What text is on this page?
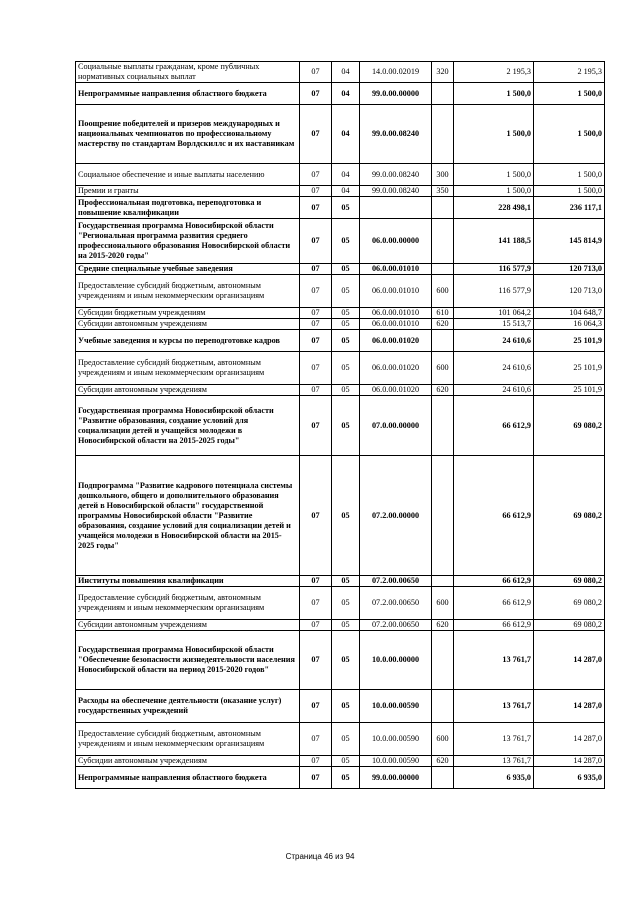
Социальные выплаты гражданам, кроме публичных нормативных социальных выплат	07	04	14.0.00.02019	320	2 195,3	2 195,3
Непрограммные направления областного бюджета	07	04	99.0.00.00000		1 500,0	1 500,0
Поощрение победителей и призеров международных и национальных чемпионатов по профессиональному мастерству по стандартам Ворлдскиллс и их наставникам	07	04	99.0.00.08240		1 500,0	1 500,0
Социальное обеспечение и иные выплаты населению	07	04	99.0.00.08240	300	1 500,0	1 500,0
Премии и гранты	07	04	99.0.00.08240	350	1 500,0	1 500,0
Профессиональная подготовка, переподготовка и повышение квалификации	07	05			228 498,1	236 117,1
Государственная программа Новосибирской области "Региональная программа развития среднего профессионального образования Новосибирской области на 2015-2020 годы"	07	05	06.0.00.00000		141 188,5	145 814,9
Средние специальные учебные заведения	07	05	06.0.00.01010		116 577,9	120 713,0
Предоставление субсидий бюджетным, автономным учреждениям и иным некоммерческим организациям	07	05	06.0.00.01010	600	116 577,9	120 713,0
Субсидии бюджетным учреждениям	07	05	06.0.00.01010	610	101 064,2	104 648,7
Субсидии автономным учреждениям	07	05	06.0.00.01010	620	15 513,7	16 064,3
Учебные заведения и курсы по переподготовке кадров	07	05	06.0.00.01020		24 610,6	25 101,9
Предоставление субсидий бюджетным, автономным учреждениям и иным некоммерческим организациям	07	05	06.0.00.01020	600	24 610,6	25 101,9
Субсидии автономным учреждениям	07	05	06.0.00.01020	620	24 610,6	25 101,9
Государственная программа Новосибирской области "Развитие образования, создание условий для социализации детей и учащейся молодежи в Новосибирской области на 2015-2025 годы"	07	05	07.0.00.00000		66 612,9	69 080,2
Подпрограмма "Развитие кадрового потенциала системы дошкольного, общего и дополнительного образования детей в Новосибирской области" государственной программы Новосибирской области "Развитие образования, создание условий для социализации детей и учащейся молодежи в Новосибирской области на 2015-2025 годы"	07	05	07.2.00.00000		66 612,9	69 080,2
Институты повышения квалификации	07	05	07.2.00.00650		66 612,9	69 080,2
Предоставление субсидий бюджетным, автономным учреждениям и иным некоммерческим организациям	07	05	07.2.00.00650	600	66 612,9	69 080,2
Субсидии автономным учреждениям	07	05	07.2.00.00650	620	66 612,9	69 080,2
Государственная программа Новосибирской области "Обеспечение безопасности жизнедеятельности населения Новосибирской области на период 2015-2020 годов"	07	05	10.0.00.00000		13 761,7	14 287,0
Расходы на обеспечение деятельности (оказание услуг) государственных учреждений	07	05	10.0.00.00590		13 761,7	14 287,0
Предоставление субсидий бюджетным, автономным учреждениям и иным некоммерческим организациям	07	05	10.0.00.00590	600	13 761,7	14 287,0
Субсидии автономным учреждениям	07	05	10.0.00.00590	620	13 761,7	14 287,0
Непрограммные направления областного бюджета	07	05	99.0.00.00000		6 935,0	6 935,0
Страница 46 из 94
